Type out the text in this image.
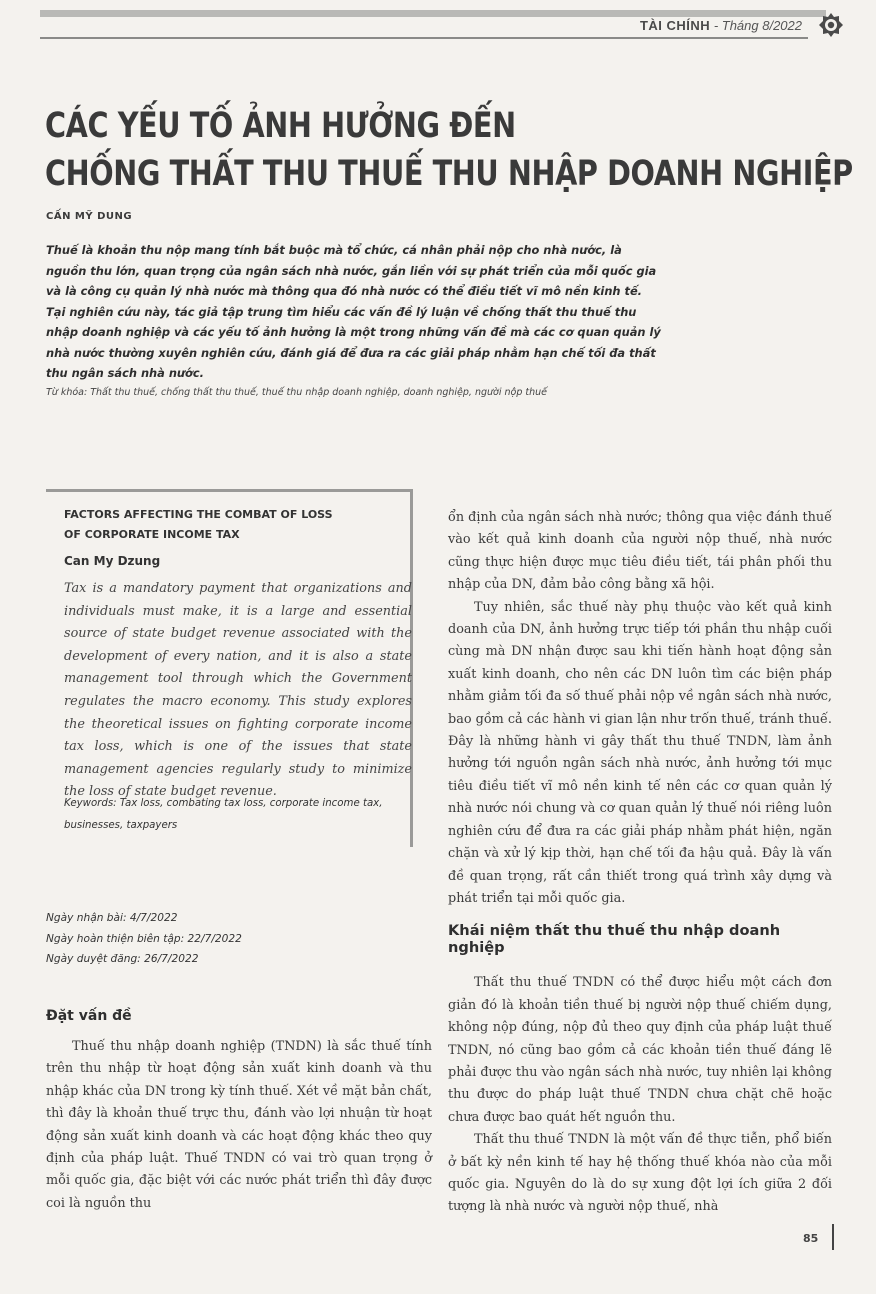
TÀI CHÍNH - Tháng 8/2022
CÁC YẾU TỐ ẢNH HƯỞNG ĐẾN
CHỐNG THẤT THU THUẾ THU NHẬP DOANH NGHIỆP
CẤN MỸ DUNG
Thuế là khoản thu nộp mang tính bắt buộc mà tổ chức, cá nhân phải nộp cho nhà nước, là nguồn thu lớn, quan trọng của ngân sách nhà nước, gắn liền với sự phát triển của mỗi quốc gia và là công cụ quản lý nhà nước mà thông qua đó nhà nước có thể điều tiết vĩ mô nền kinh tế. Tại nghiên cứu này, tác giả tập trung tìm hiểu các vấn đề lý luận về chống thất thu thuế thu nhập doanh nghiệp và các yếu tố ảnh hưởng là một trong những vấn đề mà các cơ quan quản lý nhà nước thường xuyên nghiên cứu, đánh giá để đưa ra các giải pháp nhằm hạn chế tối đa thất thu ngân sách nhà nước.
Từ khóa: Thất thu thuế, chống thất thu thuế, thuế thu nhập doanh nghiệp, doanh nghiệp, người nộp thuế
FACTORS AFFECTING THE COMBAT OF LOSS
OF CORPORATE INCOME TAX
Can My Dzung
Tax is a mandatory payment that organizations and individuals must make, it is a large and essential source of state budget revenue associated with the development of every nation, and it is also a state management tool through which the Government regulates the macro economy. This study explores the theoretical issues on fighting corporate income tax loss, which is one of the issues that state management agencies regularly study to minimize the loss of state budget revenue.
Keywords: Tax loss, combating tax loss, corporate income tax, businesses, taxpayers
Ngày nhận bài: 4/7/2022
Ngày hoàn thiện biên tập: 22/7/2022
Ngày duyệt đăng: 26/7/2022
Đặt vấn đề

Thuế thu nhập doanh nghiệp (TNDN) là sắc thuế tính trên thu nhập từ hoạt động sản xuất kinh doanh và thu nhập khác của DN trong kỳ tính thuế. Xét về mặt bản chất, thì đây là khoản thuế trực thu, đánh vào lợi nhuận từ hoạt động sản xuất kinh doanh và các hoạt động khác theo quy định của pháp luật. Thuế TNDN có vai trò quan trọng ở mỗi quốc gia, đặc biệt với các nước phát triển thì đây được coi là nguồn thu

ổn định của ngân sách nhà nước; thông qua việc đánh thuế vào kết quả kinh doanh của người nộp thuế, nhà nước cũng thực hiện được mục tiêu điều tiết, tái phân phối thu nhập của DN, đảm bảo công bằng xã hội.

Tuy nhiên, sắc thuế này phụ thuộc vào kết quả kinh doanh của DN, ảnh hưởng trực tiếp tới phần thu nhập cuối cùng mà DN nhận được sau khi tiến hành hoạt động sản xuất kinh doanh, cho nên các DN luôn tìm các biện pháp nhằm giảm tối đa số thuế phải nộp về ngân sách nhà nước, bao gồm cả các hành vi gian lận như trốn thuế, tránh thuế. Đây là những hành vi gây thất thu thuế TNDN, làm ảnh hưởng tới nguồn ngân sách nhà nước, ảnh hưởng tới mục tiêu điều tiết vĩ mô nền kinh tế nên các cơ quan quản lý nhà nước nói chung và cơ quan quản lý thuế nói riêng luôn nghiên cứu để đưa ra các giải pháp nhằm phát hiện, ngăn chặn và xử lý kịp thời, hạn chế tối đa hậu quả. Đây là vấn đề quan trọng, rất cần thiết trong quá trình xây dựng và phát triển tại mỗi quốc gia.

Khái niệm thất thu thuế thu nhập doanh nghiệp

Thất thu thuế TNDN có thể được hiểu một cách đơn giản đó là khoản tiền thuế bị người nộp thuế chiếm dụng, không nộp đúng, nộp đủ theo quy định của pháp luật thuế TNDN, nó cũng bao gồm cả các khoản tiền thuế đáng lẽ phải được thu vào ngân sách nhà nước, tuy nhiên lại không thu được do pháp luật thuế TNDN chưa chặt chẽ hoặc chưa được bao quát hết nguồn thu.

Thất thu thuế TNDN là một vấn đề thực tiễn, phổ biến ở bất kỳ nền kinh tế hay hệ thống thuế khóa nào của mỗi quốc gia. Nguyên do là do sự xung đột lợi ích giữa 2 đối tượng là nhà nước và người nộp thuế, nhà

85
